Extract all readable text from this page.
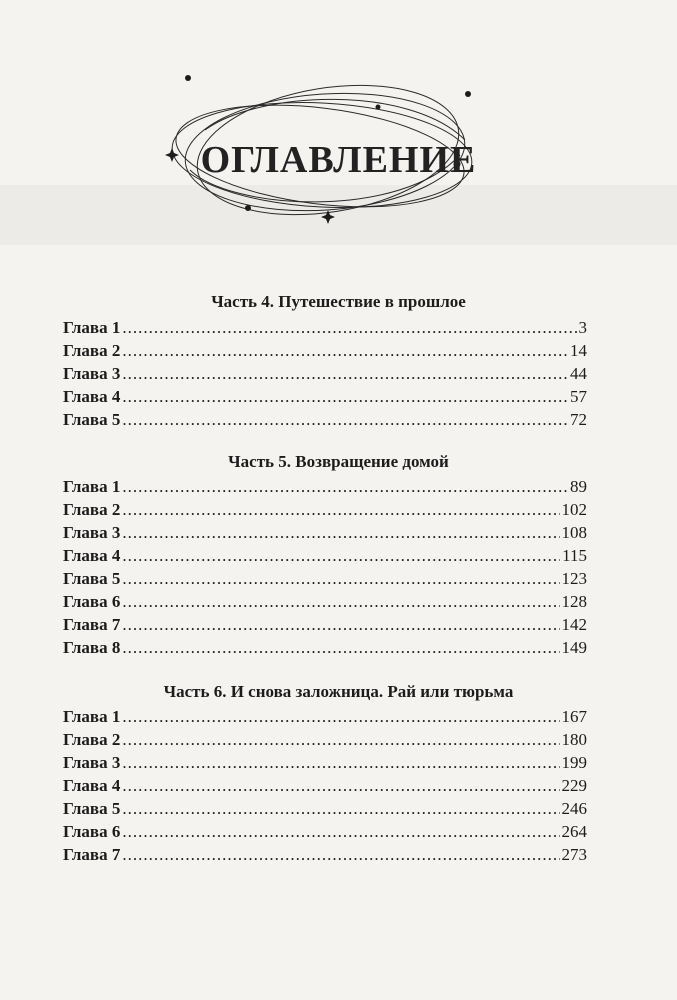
ОГЛАВЛЕНИЕ
Часть 4. Путешествие в прошлое
Глава 1 .....	3
Глава 2 .....	14
Глава 3 .....	44
Глава 4 .....	57
Глава 5 .....	72
Часть 5. Возвращение домой
Глава 1 .....	89
Глава 2 .....	102
Глава 3 .....	108
Глава 4 .....	115
Глава 5 .....	123
Глава 6 .....	128
Глава 7 .....	142
Глава 8 .....	149
Часть 6. И снова заложница. Рай или тюрьма
Глава 1 .....	167
Глава 2 .....	180
Глава 3 .....	199
Глава 4 .....	229
Глава 5 .....	246
Глава 6 .....	264
Глава 7 .....	273
